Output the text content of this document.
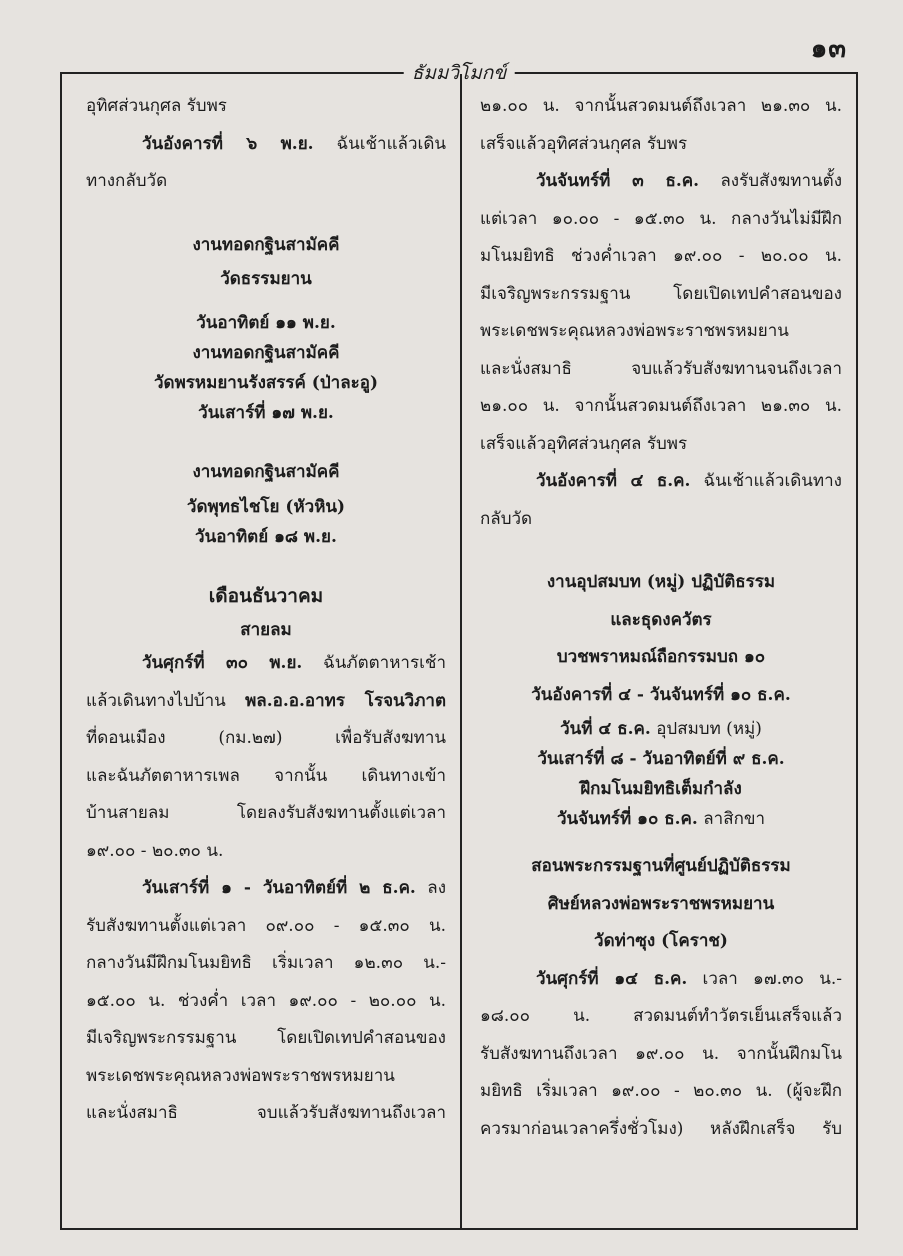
๑๓
ธัมมวิโมกข์

อุทิศส่วนกุศล รับพร

วันอังคารที่ ๖ พ.ย. ฉันเช้าแล้วเดิน

ทางกลับวัด

งานทอดกฐินสามัคคี

วัดธรรมยาน

วันอาทิตย์ ๑๑ พ.ย.

งานทอดกฐินสามัคคี

วัดพรหมยานรังสรรค์ (ป่าละอู)

วันเสาร์ที่ ๑๗ พ.ย.

งานทอดกฐินสามัคคี

วัดพุทธไชโย (หัวหิน)

วันอาทิตย์ ๑๘ พ.ย.

เดือนธันวาคม

สายลม

วันศุกร์ที่ ๓๐ พ.ย. ฉันภัตตาหารเช้า

แล้วเดินทางไปบ้าน พล.อ.อ.อาทร โรจนวิภาต

ที่ดอนเมือง (กม.๒๗) เพื่อรับสังฆทาน

และฉันภัตตาหารเพล จากนั้น เดินทางเข้า

บ้านสายลม โดยลงรับสังฆทานตั้งแต่เวลา

๑๙.๐๐ - ๒๐.๓๐ น.

วันเสาร์ที่ ๑ - วันอาทิตย์ที่ ๒ ธ.ค. ลง

รับสังฆทานตั้งแต่เวลา ๐๙.๐๐ - ๑๕.๓๐ น.

กลางวันมีฝึกมโนมยิทธิ เริ่มเวลา ๑๒.๓๐ น.-

๑๕.๐๐ น. ช่วงค่ำ เวลา ๑๙.๐๐ - ๒๐.๐๐ น.

มีเจริญพระกรรมฐาน โดยเปิดเทปคำสอนของ

พระเดชพระคุณหลวงพ่อพระราชพรหมยาน

และนั่งสมาธิ จบแล้วรับสังฆทานถึงเวลา

๒๑.๐๐ น. จากนั้นสวดมนต์ถึงเวลา ๒๑.๓๐ น.

เสร็จแล้วอุทิศส่วนกุศล รับพร

วันจันทร์ที่ ๓ ธ.ค. ลงรับสังฆทานตั้ง

แต่เวลา ๑๐.๐๐ - ๑๕.๓๐ น. กลางวันไม่มีฝึก

มโนมยิทธิ ช่วงค่ำเวลา ๑๙.๐๐ - ๒๐.๐๐ น.

มีเจริญพระกรรมฐาน โดยเปิดเทปคำสอนของ

พระเดชพระคุณหลวงพ่อพระราชพรหมยาน

และนั่งสมาธิ จบแล้วรับสังฆทานจนถึงเวลา

๒๑.๐๐ น. จากนั้นสวดมนต์ถึงเวลา ๒๑.๓๐ น.

เสร็จแล้วอุทิศส่วนกุศล รับพร

วันอังคารที่ ๔ ธ.ค. ฉันเช้าแล้วเดินทาง

กลับวัด

งานอุปสมบท (หมู่) ปฏิบัติธรรม

และธุดงควัตร

บวชพราหมณ์ถือกรรมบถ ๑๐

วันอังคารที่ ๔ - วันจันทร์ที่ ๑๐ ธ.ค.

วันที่ ๔ ธ.ค. อุปสมบท (หมู่)

วันเสาร์ที่ ๘ - วันอาทิตย์ที่ ๙ ธ.ค.

ฝึกมโนมยิทธิเต็มกำลัง

วันจันทร์ที่ ๑๐ ธ.ค. ลาสิกขา

สอนพระกรรมฐานที่ศูนย์ปฏิบัติธรรม

ศิษย์หลวงพ่อพระราชพรหมยาน

วัดท่าซุง (โคราช)

วันศุกร์ที่ ๑๔ ธ.ค. เวลา ๑๗.๓๐ น.-

๑๘.๐๐ น. สวดมนต์ทำวัตรเย็นเสร็จแล้ว

รับสังฆทานถึงเวลา ๑๙.๐๐ น. จากนั้นฝึกมโน

มยิทธิ เริ่มเวลา ๑๙.๐๐ - ๒๐.๓๐ น. (ผู้จะฝึก

ควรมาก่อนเวลาครึ่งชั่วโมง) หลังฝึกเสร็จ รับ
